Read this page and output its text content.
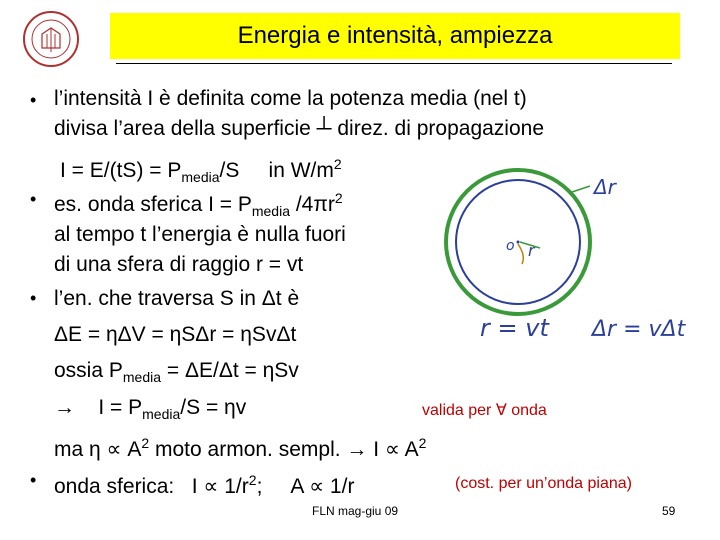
Energia e intensità, ampiezza
•
•
•
•
l’intensità I è definita come la potenza media (nel t)
divisa l’area della superficie ┴ direz. di propagazione
$I = E/(tS) = P_{media}/S$     in $W/m^2$
es. onda sferica $I = P_{media}$ $/4\pi r^2$
al tempo t l’energia è nulla fuori
di una sfera di raggio r = vt
l’en. che traversa S in Δt è
ΔE = ηΔV = ηSΔr = ηSvΔt
ossia $P_{media} = \Delta E/\Delta t = \eta Sv$
→    $I = P_{media}/S = \eta v$	valida per ∀ onda
ma $\eta \propto A^2$ moto armon. sempl. → $I \propto A^2$
onda sferica:   $I \propto 1/r^2$;     A ∝ 1/r	(cost. per un’onda piana)
o r
Δr
r = vt Δr = vΔt
FLN mag-giu 09	59
